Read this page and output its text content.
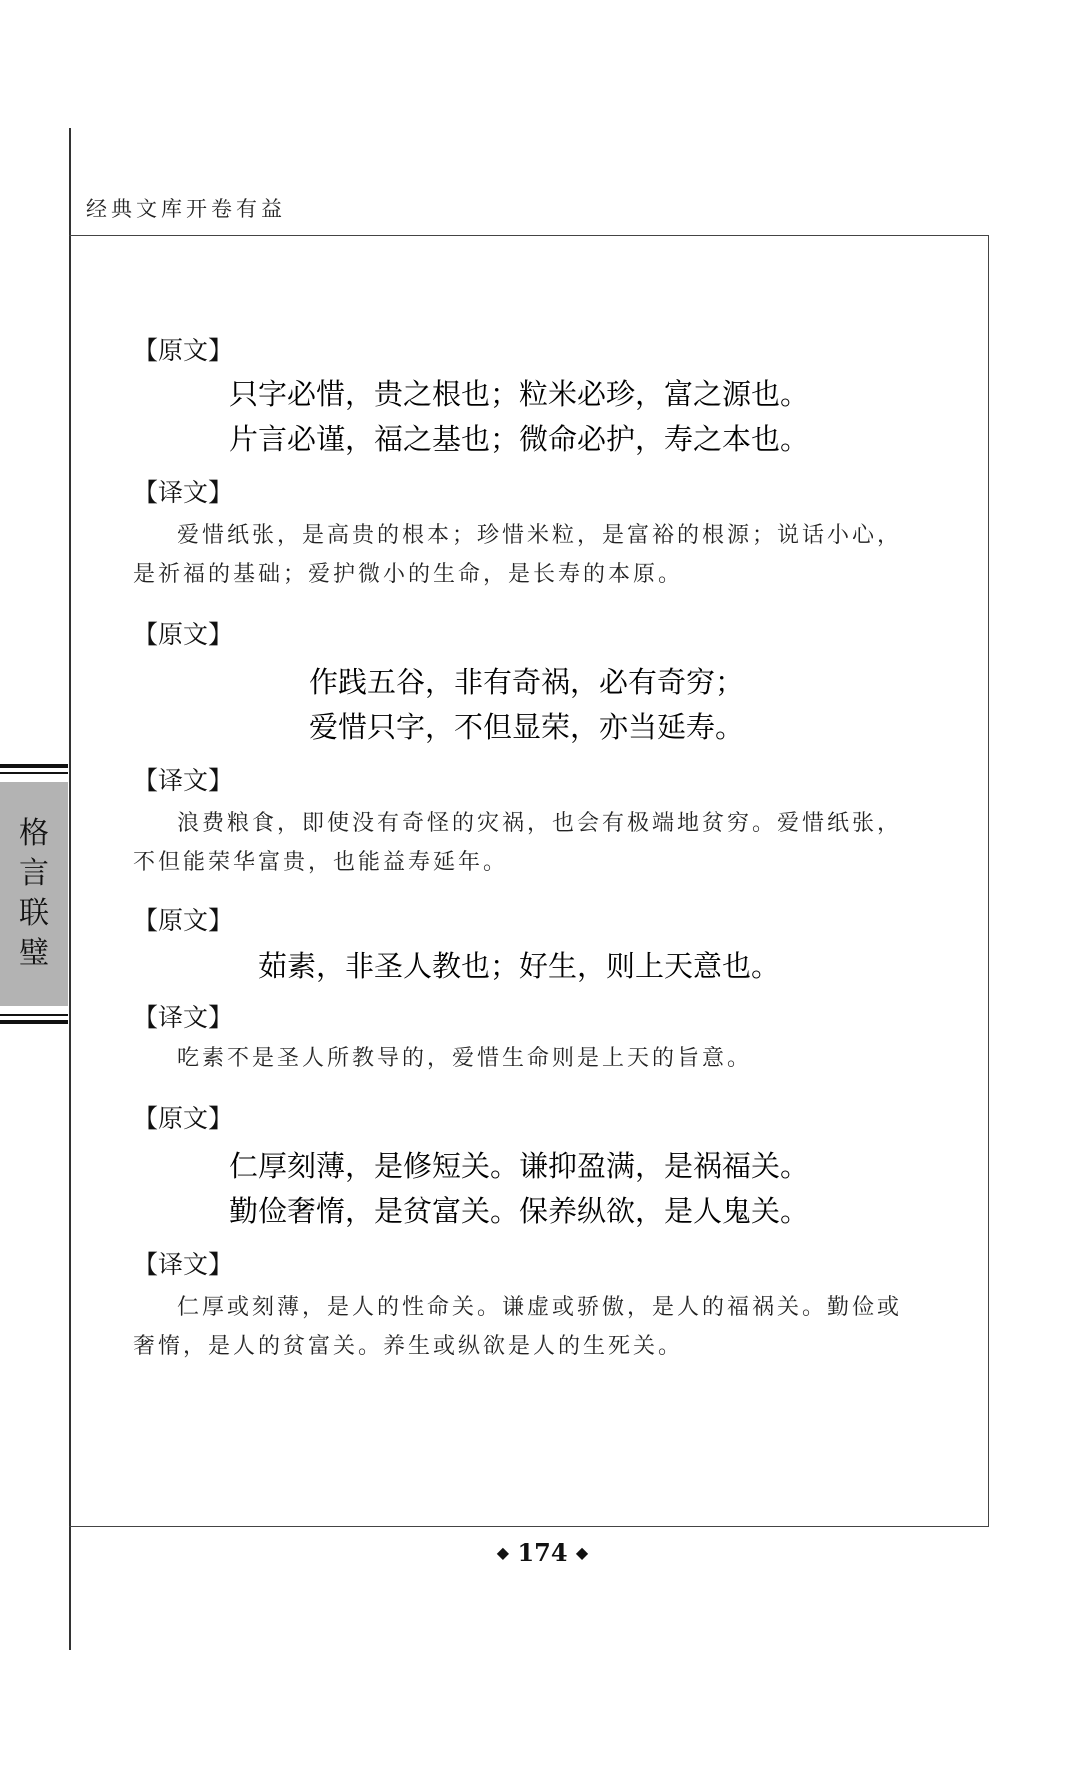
经典文库开卷有益
格
言
联
璧
【原文】
只字必惜，贵之根也；粒米必珍，富之源也。
片言必谨，福之基也；微命必护，寿之本也。
【译文】

爱惜纸张，是高贵的根本；珍惜米粒，是富裕的根源；说话小心，是祈福的基础；爱护微小的生命，是长寿的本原。

【原文】
作践五谷，非有奇祸，必有奇穷；
爱惜只字，不但显荣，亦当延寿。
【译文】

浪费粮食，即使没有奇怪的灾祸，也会有极端地贫穷。爱惜纸张，不但能荣华富贵，也能益寿延年。

【原文】
茹素，非圣人教也；好生，则上天意也。
【译文】

吃素不是圣人所教导的，爱惜生命则是上天的旨意。

【原文】
仁厚刻薄，是修短关。谦抑盈满，是祸福关。
勤俭奢惰，是贫富关。保养纵欲，是人鬼关。
【译文】

仁厚或刻薄，是人的性命关。谦虚或骄傲，是人的福祸关。勤俭或奢惰，是人的贫富关。养生或纵欲是人的生死关。

◆ 174 ◆
